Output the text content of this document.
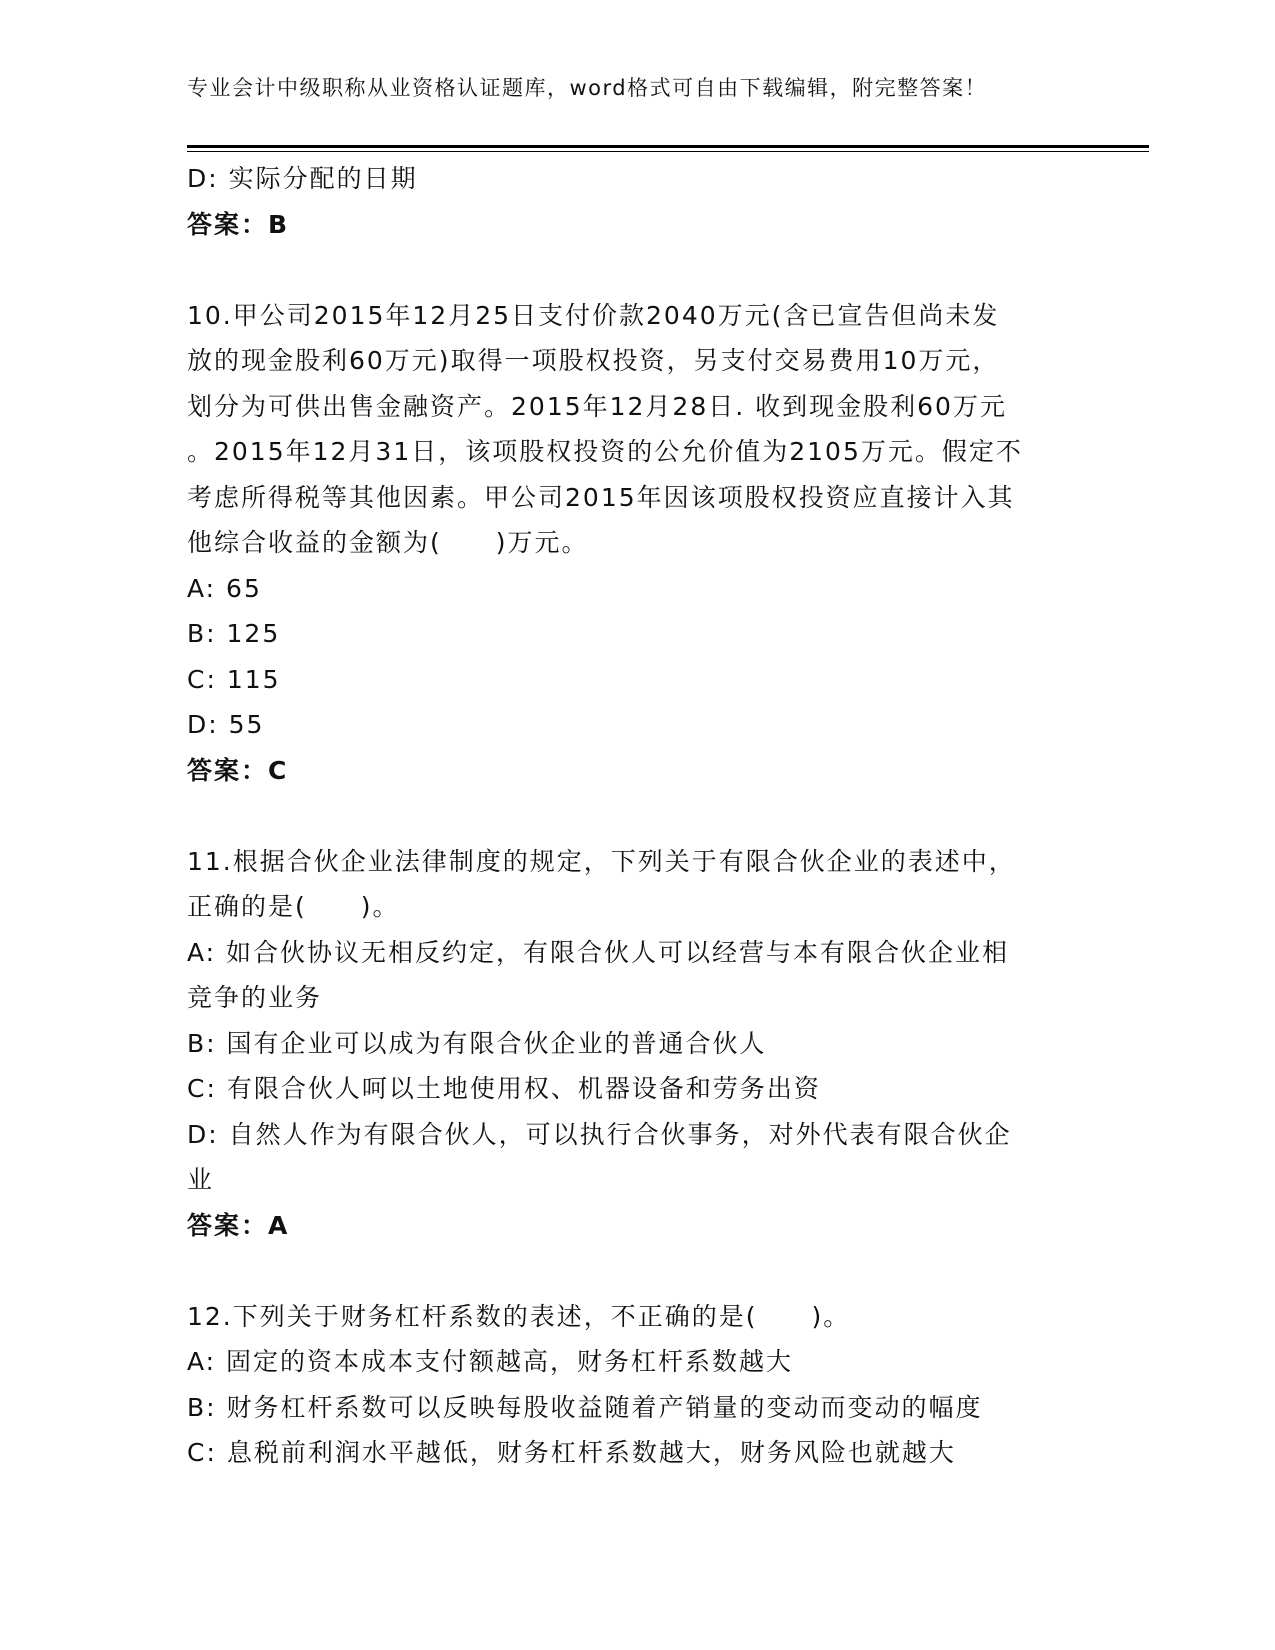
专业会计中级职称从业资格认证题库，word格式可自由下载编辑，附完整答案！
D: 实际分配的日期
答案：B
10.甲公司2015年12月25日支付价款2040万元(含已宣告但尚未发
放的现金股利60万元)取得一项股权投资，另支付交易费用10万元，
划分为可供出售金融资产。2015年12月28日. 收到现金股利60万元
。2015年12月31日，该项股权投资的公允价值为2105万元。假定不
考虑所得税等其他因素。甲公司2015年因该项股权投资应直接计入其
他综合收益的金额为(　　)万元。
A: 65
B: 125
C: 115
D: 55
答案：C
11.根据合伙企业法律制度的规定，下列关于有限合伙企业的表述中，
正确的是(　　)。
A: 如合伙协议无相反约定，有限合伙人可以经营与本有限合伙企业相
竞争的业务
B: 国有企业可以成为有限合伙企业的普通合伙人
C: 有限合伙人呵以土地使用权、机器设备和劳务出资
D: 自然人作为有限合伙人，可以执行合伙事务，对外代表有限合伙企
业
答案：A
12.下列关于财务杠杆系数的表述，不正确的是(　　)。
A: 固定的资本成本支付额越高，财务杠杆系数越大
B: 财务杠杆系数可以反映每股收益随着产销量的变动而变动的幅度
C: 息税前利润水平越低，财务杠杆系数越大，财务风险也就越大
